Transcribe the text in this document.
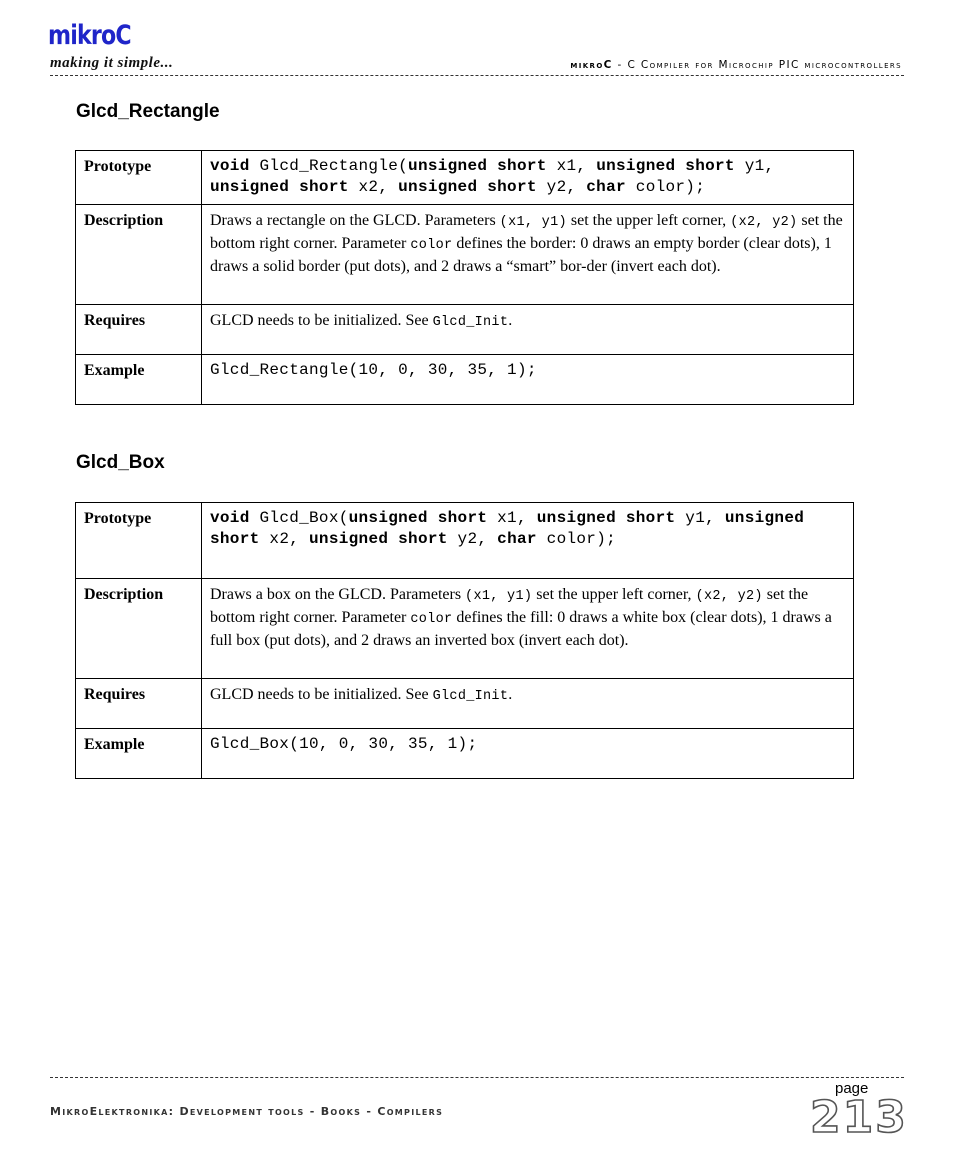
mikroC
making it simple...	mikroC - C Compiler for Microchip PIC microcontrollers
Glcd_Rectangle
Prototype	void Glcd_Rectangle(unsigned short x1, unsigned short y1,
unsigned short x2, unsigned short y2, char color);

Description	Draws a rectangle on the GLCD. Parameters (x1, y1) set the upper left corner, (x2, y2) set the bottom right corner. Parameter color defines the border: 0 draws an empty border (clear dots), 1 draws a solid border (put dots), and 2 draws a “smart” bor-der (invert each dot).
Requires	GLCD needs to be initialized. See Glcd_Init.
Example	Glcd_Rectangle(10, 0, 30, 35, 1);
Glcd_Box
Prototype	void Glcd_Box(unsigned short x1, unsigned short y1, unsigned
short x2, unsigned short y2, char color);

Description	Draws a box on the GLCD. Parameters (x1, y1) set the upper left corner, (x2, y2) set the bottom right corner. Parameter color defines the fill: 0 draws a white box (clear dots), 1 draws a full box (put dots), and 2 draws an inverted box (invert each dot).
Requires	GLCD needs to be initialized. See Glcd_Init.
Example	Glcd_Box(10, 0, 30, 35, 1);
page
MikroElektronika: Development tools - Books - Compilers	213
